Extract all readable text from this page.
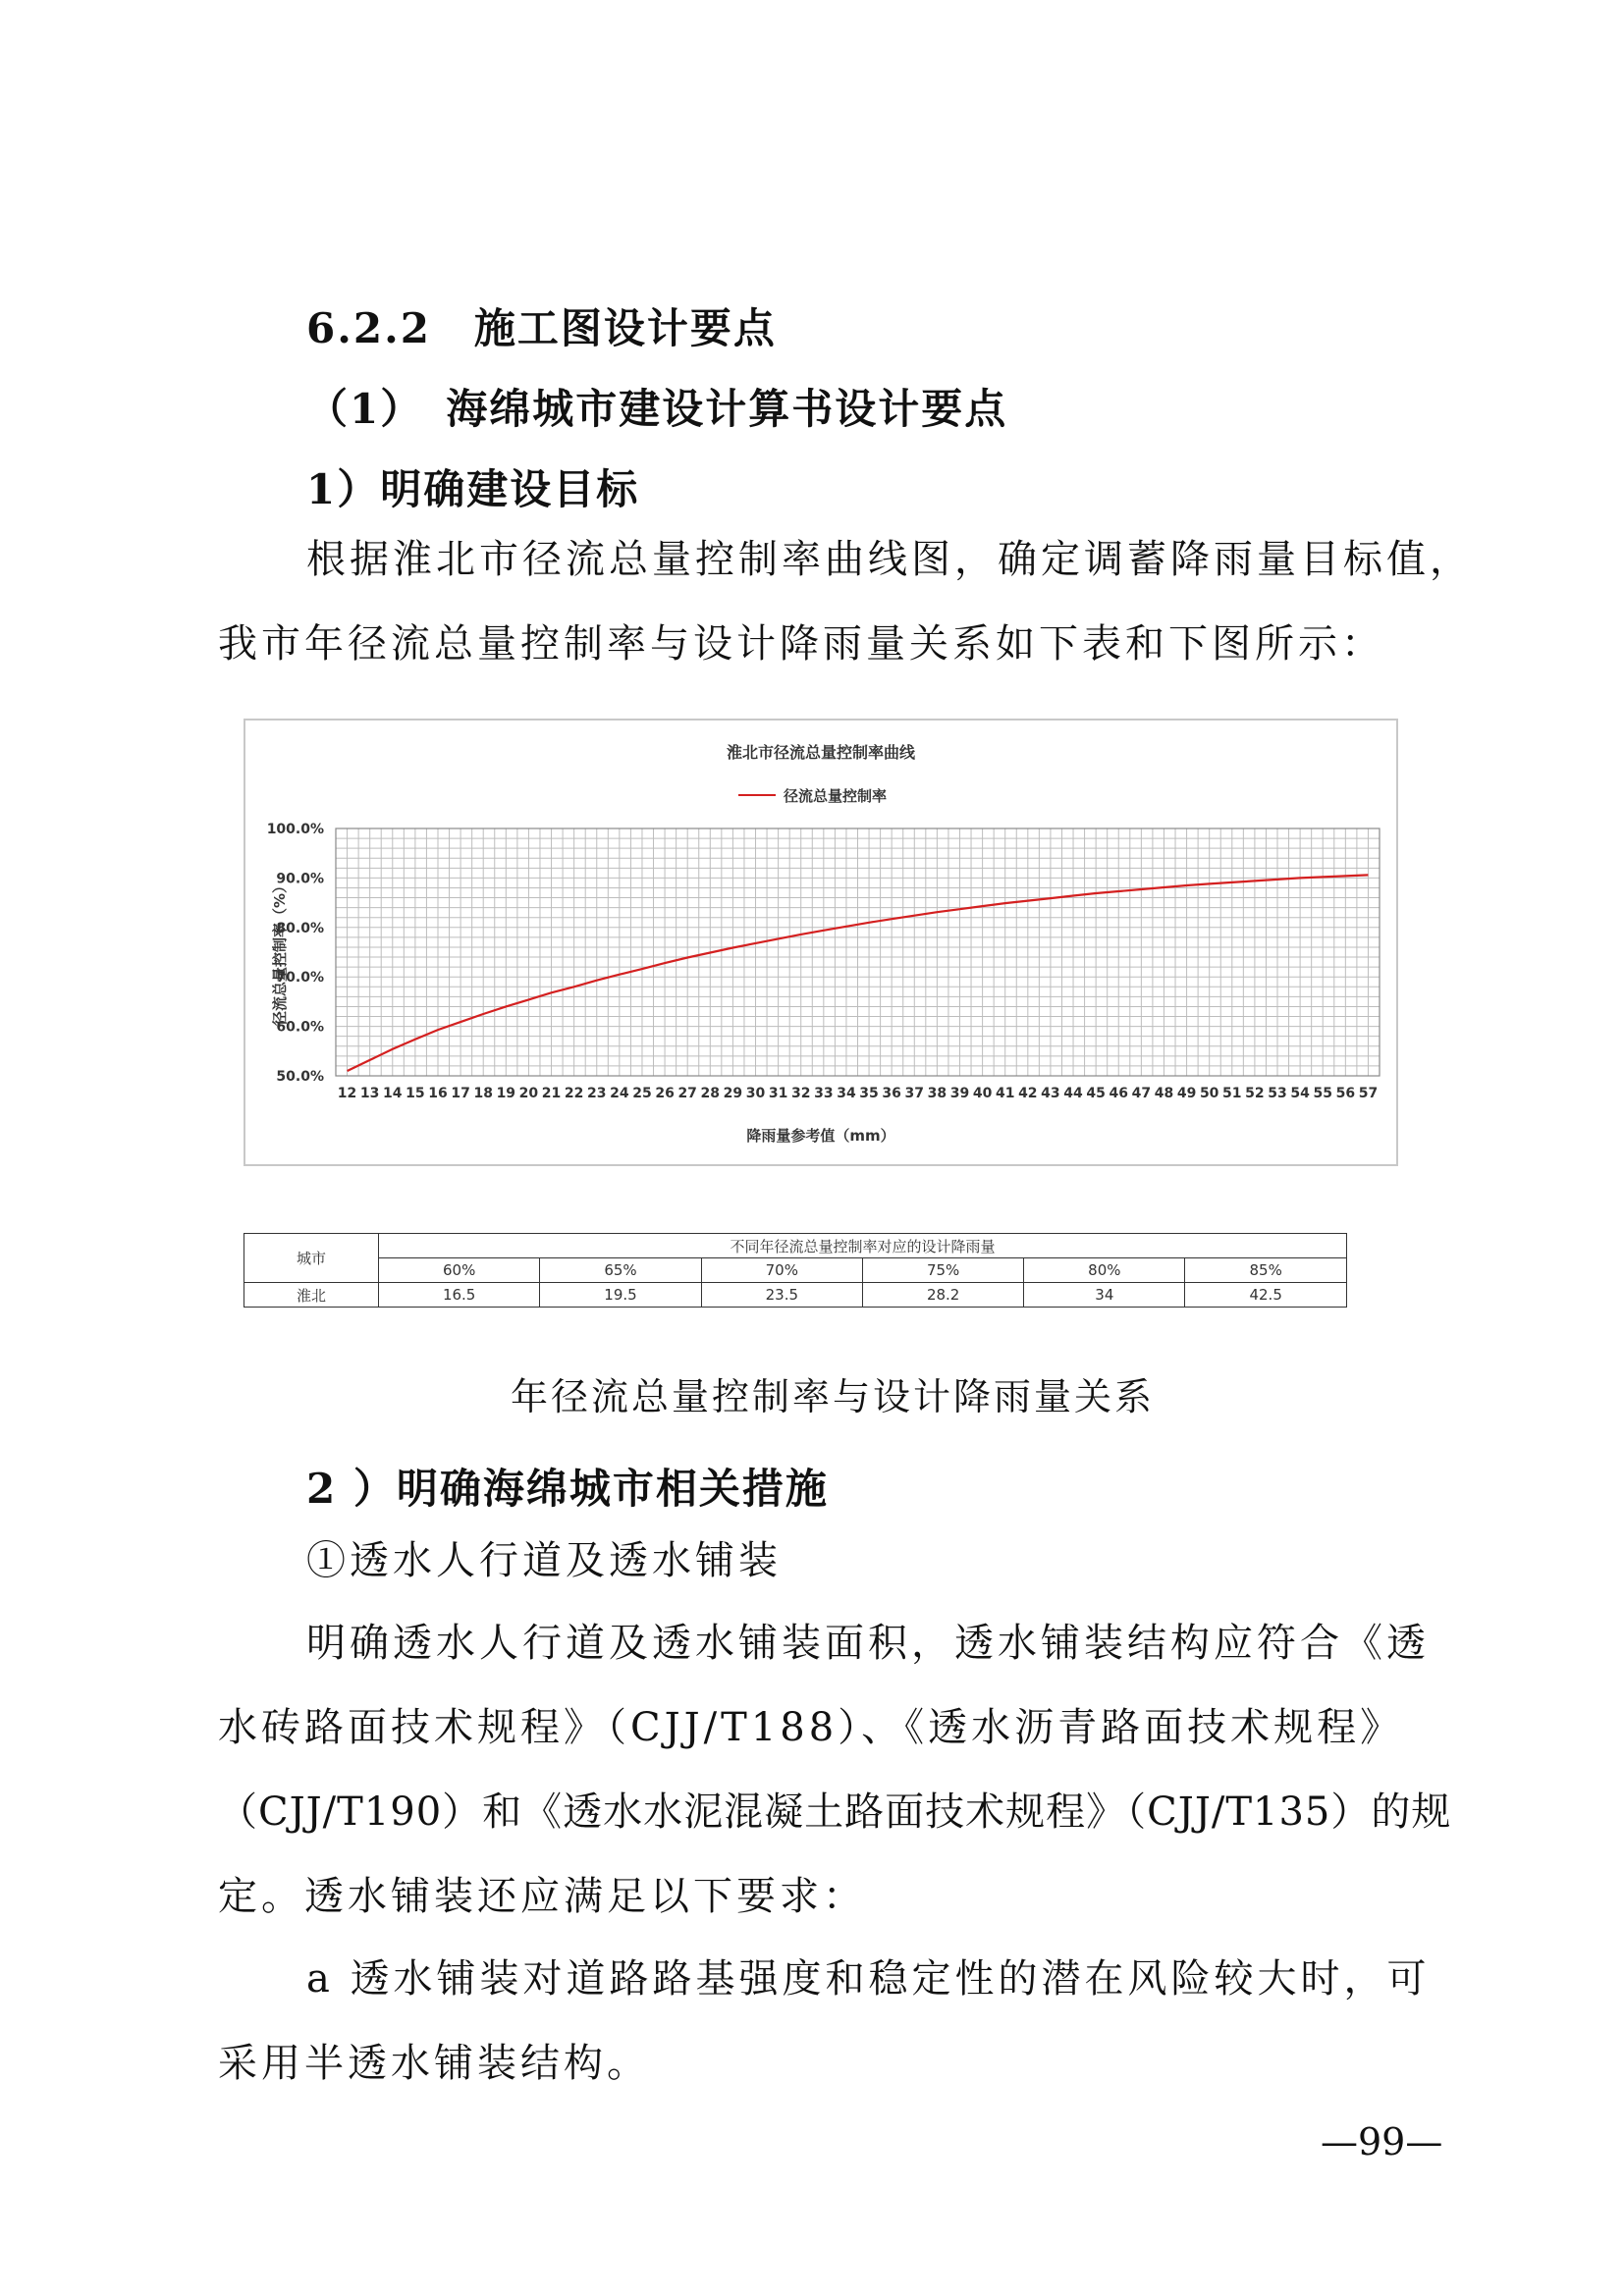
6.2.2　施工图设计要点
（1）　海绵城市建设计算书设计要点
1）明确建设目标
根据淮北市径流总量控制率曲线图，确定调蓄降雨量目标值，
我市年径流总量控制率与设计降雨量关系如下表和下图所示：
淮北市径流总量控制率曲线
径流总量控制率
径流总量控制率（%）
降雨量参考值（mm）
50.0%
60.0%
70.0%
80.0%
90.0%
100.0%
12 13 14 15 16 17 18 19 20 21 22 23 24 25 26 27 28 29 30 31 32 33 34 35 36 37 38 39 40 41 42 43 44 45 46 47 48 49 50 51 52 53 54 55 56 57
城市	不同年径流总量控制率对应的设计降雨量					
	60%	65%	70%	75%	80%	85%
淮北	16.5	19.5	23.5	28.2	34	42.5
年径流总量控制率与设计降雨量关系
2 ）明确海绵城市相关措施
①透水人行道及透水铺装
明确透水人行道及透水铺装面积，透水铺装结构应符合《透
水砖路面技术规程》（CJJ/T188）、《透水沥青路面技术规程》
（CJJ/T190）和《透水水泥混凝土路面技术规程》（CJJ/T135）的规
定。透水铺装还应满足以下要求：
a 透水铺装对道路路基强度和稳定性的潜在风险较大时，可
采用半透水铺装结构。
—99—
